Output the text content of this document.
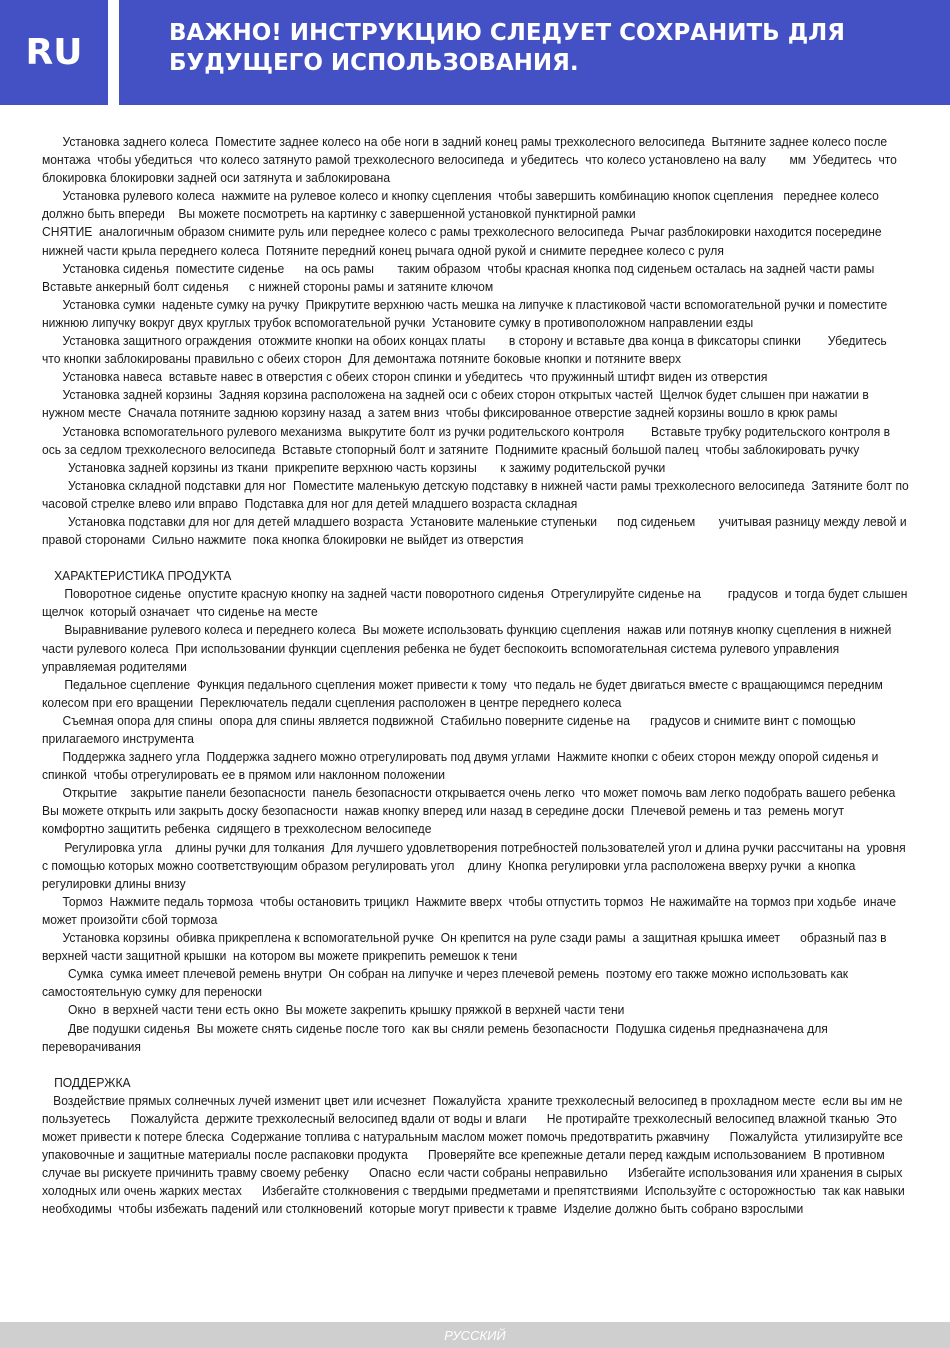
RU	ВАЖНО! ИНСТРУКЦИЮ СЛЕДУЕТ СОХРАНИТЬ ДЛЯ БУДУЩЕГО ИСПОЛЬЗОВАНИЯ.

Установка заднего колеса  Поместите заднее колесо на обе ноги в задний конец рамы трехколесного велосипеда  Вытяните заднее колесо после монтажа  чтобы убедиться  что колесо затянуто рамой трехколесного велосипеда  и убедитесь  что колесо установлено на валу       мм  Убедитесь  что блокировка блокировки задней оси затянута и заблокирована

Установка рулевого колеса  нажмите на рулевое колесо и кнопку сцепления  чтобы завершить комбинацию кнопок сцепления   переднее колесо должно быть впереди    Вы можете посмотреть на картинку с завершенной установкой пунктирной рамки

СНЯТИЕ  аналогичным образом снимите руль или переднее колесо с рамы трехколесного велосипеда  Рычаг разблокировки находится посередине нижней части крыла переднего колеса  Потяните передний конец рычага одной рукой и снимите переднее колесо с руля

Установка сиденья  поместите сиденье      на ось рамы       таким образом  чтобы красная кнопка под сиденьем осталась на задней части рамы  Вставьте анкерный болт сиденья      с нижней стороны рамы и затяните ключом

Установка сумки  наденьте сумку на ручку  Прикрутите верхнюю часть мешка на липучке к пластиковой части вспомогательной ручки и поместите нижнюю липучку вокруг двух круглых трубок вспомогательной ручки  Установите сумку в противоположном направлении езды

Установка защитного ограждения  отожмите кнопки на обоих концах платы       в сторону и вставьте два конца в фиксаторы спинки        Убедитесь  что кнопки заблокированы правильно с обеих сторон  Для демонтажа потяните боковые кнопки и потяните вверх

Установка навеса  вставьте навес в отверстия с обеих сторон спинки и убедитесь  что пружинный штифт виден из отверстия

Установка задней корзины  Задняя корзина расположена на задней оси с обеих сторон открытых частей  Щелчок будет слышен при нажатии в нужном месте  Сначала потяните заднюю корзину назад  а затем вниз  чтобы фиксированное отверстие задней корзины вошло в крюк рамы

Установка вспомогательного рулевого механизма  выкрутите болт из ручки родительского контроля        Вставьте трубку родительского контроля в ось за седлом трехколесного велосипеда  Вставьте стопорный болт и затяните  Поднимите красный большой палец  чтобы заблокировать ручку

Установка задней корзины из ткани  прикрепите верхнюю часть корзины       к зажиму родительской ручки

Установка складной подставки для ног  Поместите маленькую детскую подставку в нижней части рамы трехколесного велосипеда  Затяните болт по часовой стрелке влево или вправо  Подставка для ног для детей младшего возраста складная

Установка подставки для ног для детей младшего возраста  Установите маленькие ступеньки      под сиденьем       учитывая разницу между левой и правой сторонами  Сильно нажмите  пока кнопка блокировки не выйдет из отверстия

ХАРАКТЕРИСТИКА ПРОДУКТА

Поворотное сиденье  опустите красную кнопку на задней части поворотного сиденья  Отрегулируйте сиденье на        градусов  и тогда будет слышен щелчок  который означает  что сиденье на месте

Выравнивание рулевого колеса и переднего колеса  Вы можете использовать функцию сцепления  нажав или потянув кнопку сцепления в нижней части рулевого колеса  При использовании функции сцепления ребенка не будет беспокоить вспомогательная система рулевого управления  управляемая родителями

Педальное сцепление  Функция педального сцепления может привести к тому  что педаль не будет двигаться вместе с вращающимся передним колесом при его вращении  Переключатель педали сцепления расположен в центре переднего колеса

Съемная опора для спины  опора для спины является подвижной  Стабильно поверните сиденье на      градусов и снимите винт с помощью прилагаемого инструмента

Поддержка заднего угла  Поддержка заднего можно отрегулировать под двумя углами  Нажмите кнопки с обеих сторон между опорой сиденья и спинкой  чтобы отрегулировать ее в прямом или наклонном положении

Открытие    закрытие панели безопасности  панель безопасности открывается очень легко  что может помочь вам легко подобрать вашего ребенка  Вы можете открыть или закрыть доску безопасности  нажав кнопку вперед или назад в середине доски  Плечевой ремень и таз  ремень могут комфортно защитить ребенка  сидящего в трехколесном велосипеде

Регулировка угла    длины ручки для толкания  Для лучшего удовлетворения потребностей пользователей угол и длина ручки рассчитаны на  уровня  с помощью которых можно соответствующим образом регулировать угол    длину  Кнопка регулировки угла расположена вверху ручки  а кнопка регулировки длины внизу

Тормоз  Нажмите педаль тормоза  чтобы остановить трицикл  Нажмите вверх  чтобы отпустить тормоз  Не нажимайте на тормоз при ходьбе  иначе может произойти сбой тормоза

Установка корзины  обивка прикреплена к вспомогательной ручке  Он крепится на руле сзади рамы  а защитная крышка имеет      образный паз в верхней части защитной крышки  на котором вы можете прикрепить ремешок к тени

Сумка  сумка имеет плечевой ремень внутри  Он собран на липучке и через плечевой ремень  поэтому его также можно использовать как самостоятельную сумку для переноски

Окно  в верхней части тени есть окно  Вы можете закрепить крышку пряжкой в верхней части тени

Две подушки сиденья  Вы можете снять сиденье после того  как вы сняли ремень безопасности  Подушка сиденья предназначена для переворачивания

ПОДДЕРЖКА

Воздействие прямых солнечных лучей изменит цвет или исчезнет  Пожалуйста  храните трехколесный велосипед в прохладном месте  если вы им не пользуетесь      Пожалуйста  держите трехколесный велосипед вдали от воды и влаги      Не протирайте трехколесный велосипед влажной тканью  Это может привести к потере блеска  Содержание топлива с натуральным маслом может помочь предотвратить ржавчину      Пожалуйста  утилизируйте все упаковочные и защитные материалы после распаковки продукта      Проверяйте все крепежные детали перед каждым использованием  В противном случае вы рискуете причинить травму своему ребенку      Опасно  если части собраны неправильно      Избегайте использования или хранения в сырых  холодных или очень жарких местах      Избегайте столкновения с твердыми предметами и препятствиями  Используйте с осторожностью  так как навыки необходимы  чтобы избежать падений или столкновений  которые могут привести к травме  Изделие должно быть собрано взрослыми

РУССКИЙ
